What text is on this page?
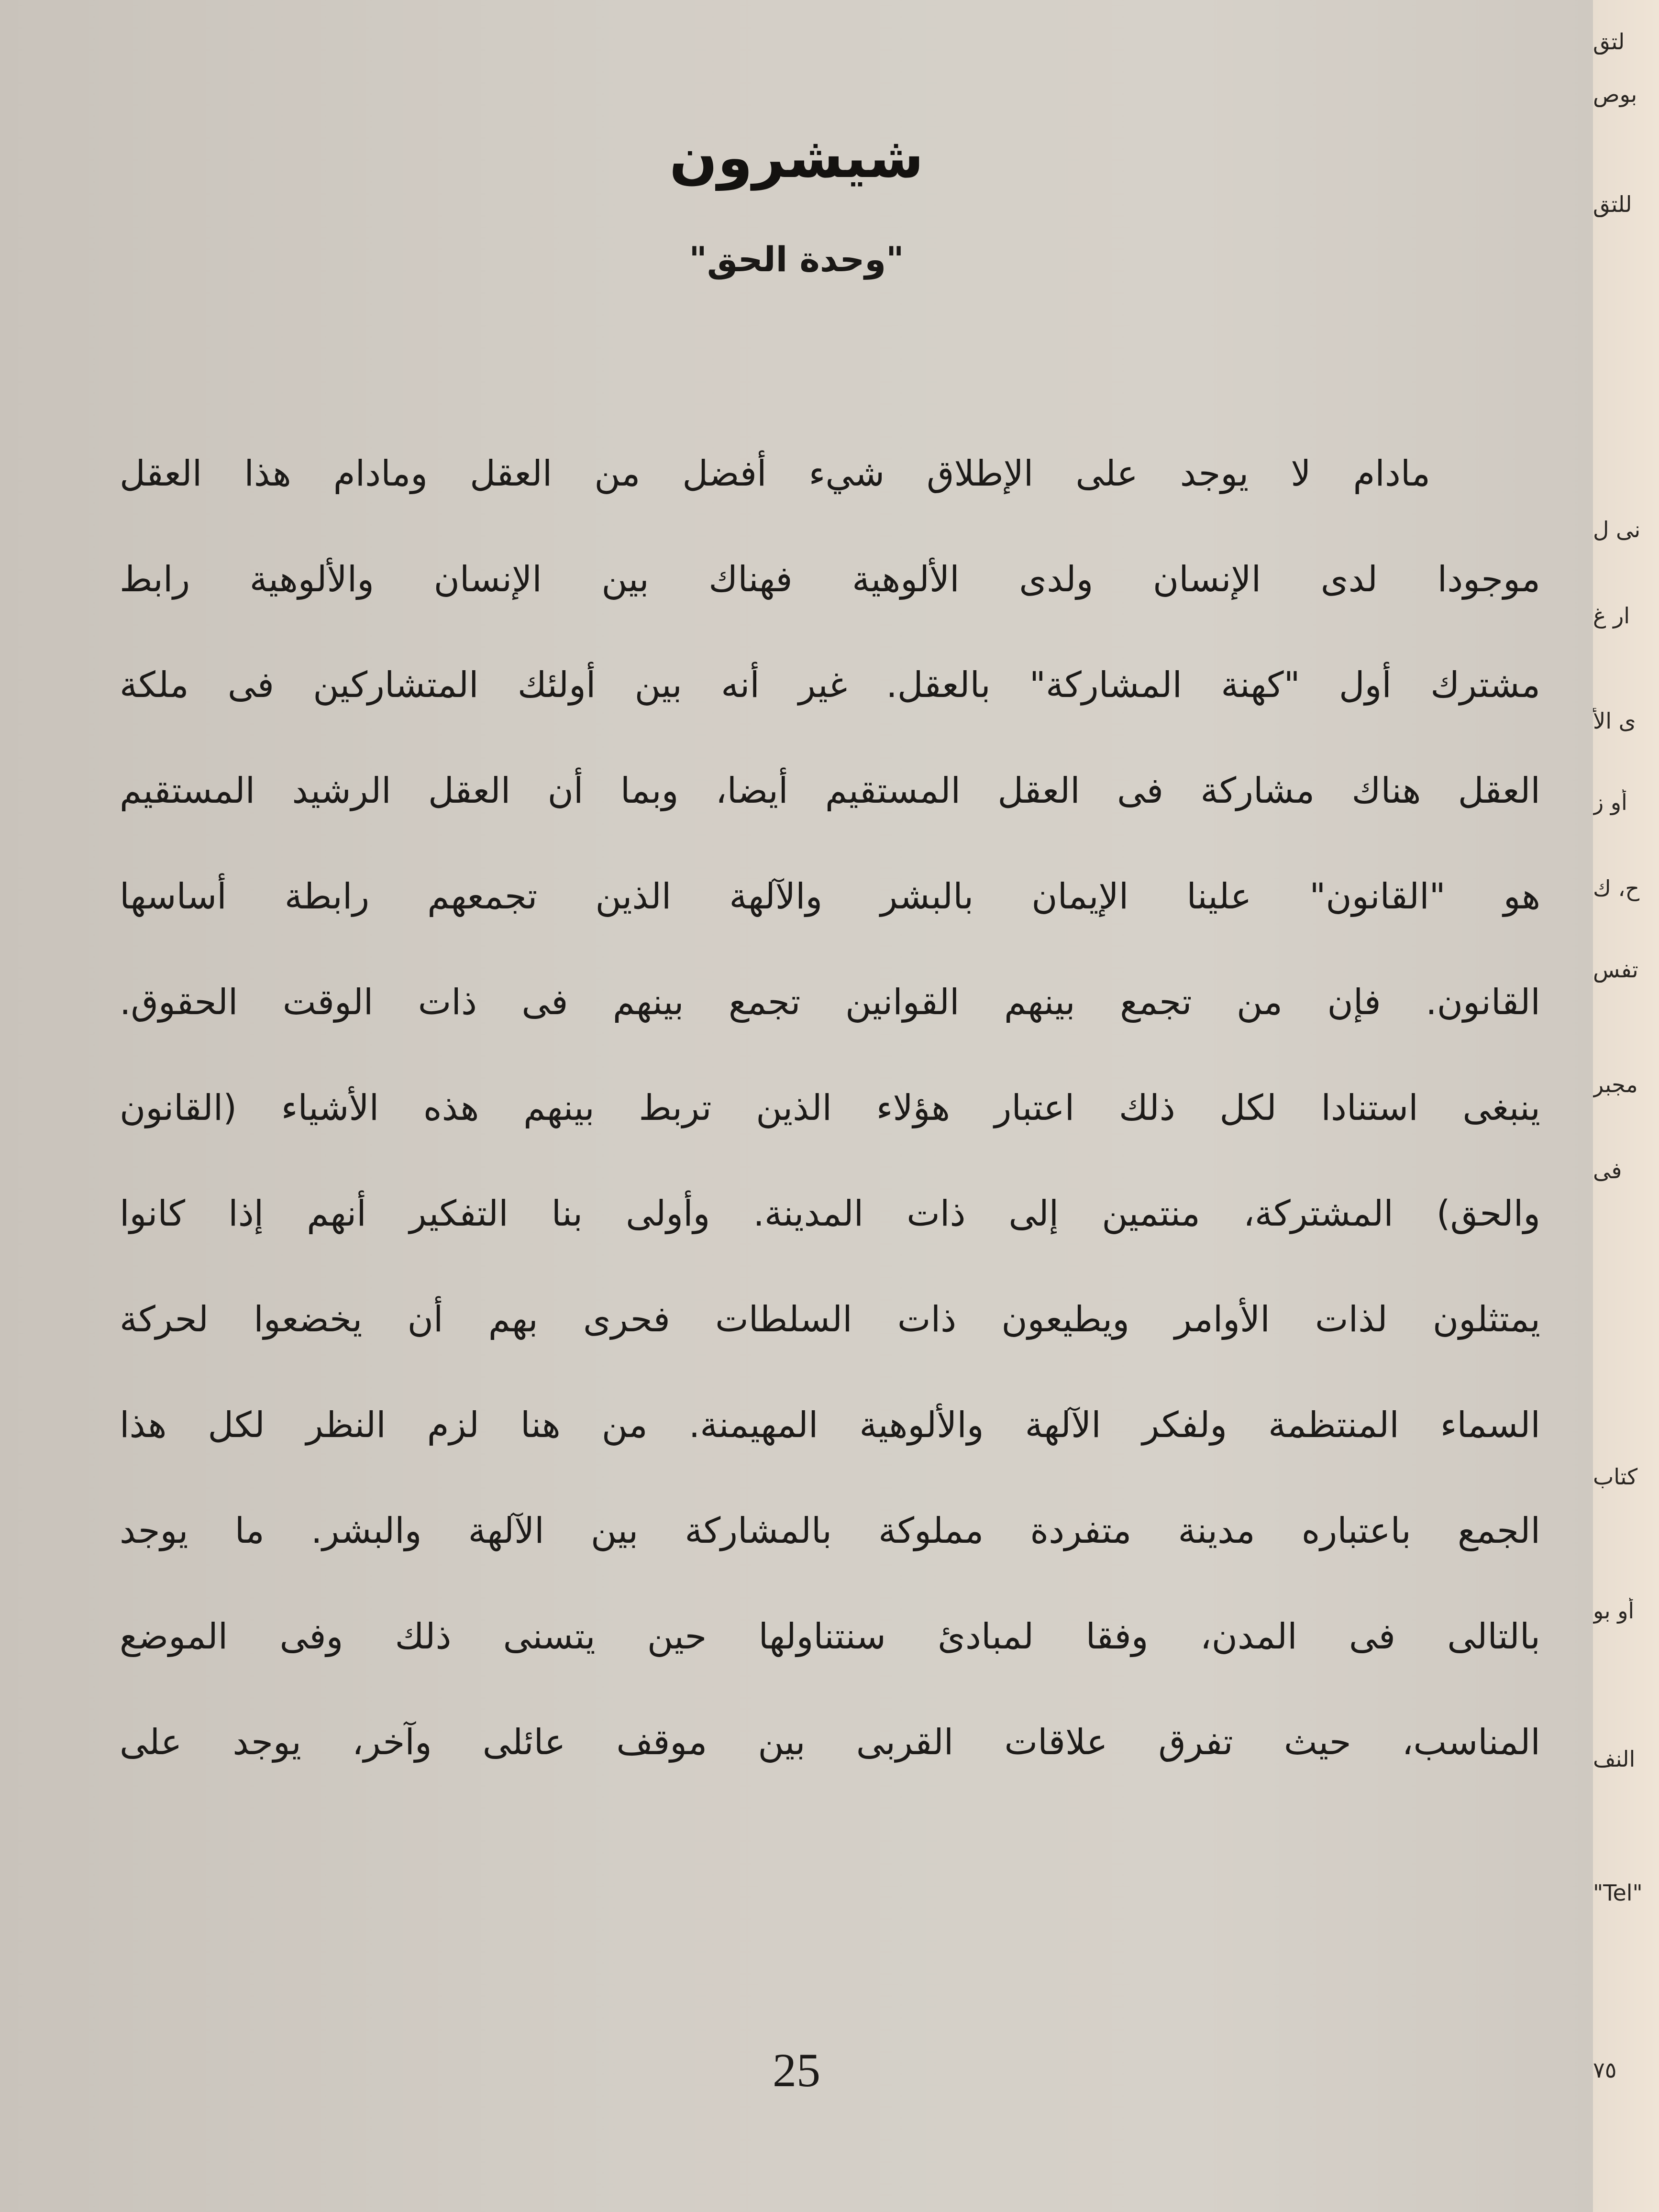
شيشرون
"وحدة الحق"
مادام لا يوجد على الإطلاق شيء أفضل من العقل ومادام هذا العقل
موجودا لدى الإنسان ولدى الألوهية فهناك بين الإنسان والألوهية رابط
مشترك أول "كهنة المشاركة" بالعقل. غير أنه بين أولئك المتشاركين فى ملكة
العقل هناك مشاركة فى العقل المستقيم أيضا، وبما أن العقل الرشيد المستقيم
هو "القانون" علينا الإيمان بالبشر والآلهة الذين تجمعهم رابطة أساسها
القانون. فإن من تجمع بينهم القوانين تجمع بينهم فى ذات الوقت الحقوق.
ينبغى استنادا لكل ذلك اعتبار هؤلاء الذين تربط بينهم هذه الأشياء (القانون
والحق) المشتركة، منتمين إلى ذات المدينة. وأولى بنا التفكير أنهم إذا كانوا
يمتثلون لذات الأوامر ويطيعون ذات السلطات فحرى بهم أن يخضعوا لحركة
السماء المنتظمة ولفكر الآلهة والألوهية المهيمنة. من هنا لزم النظر لكل هذا
الجمع باعتباره مدينة متفردة مملوكة بالمشاركة بين الآلهة والبشر. ما يوجد
بالتالى فى المدن، وفقا لمبادئ سنتناولها حين يتسنى ذلك وفى الموضع
المناسب، حيث تفرق علاقات القربى بين موقف عائلى وآخر، يوجد على
25
لتق
بوص
للتق
نى ل
ار غ
ى الأ
أو ز
ح، ك
تفس
مجبر
فى
كتاب
أو بو
النف
"Tel"
٧٥
